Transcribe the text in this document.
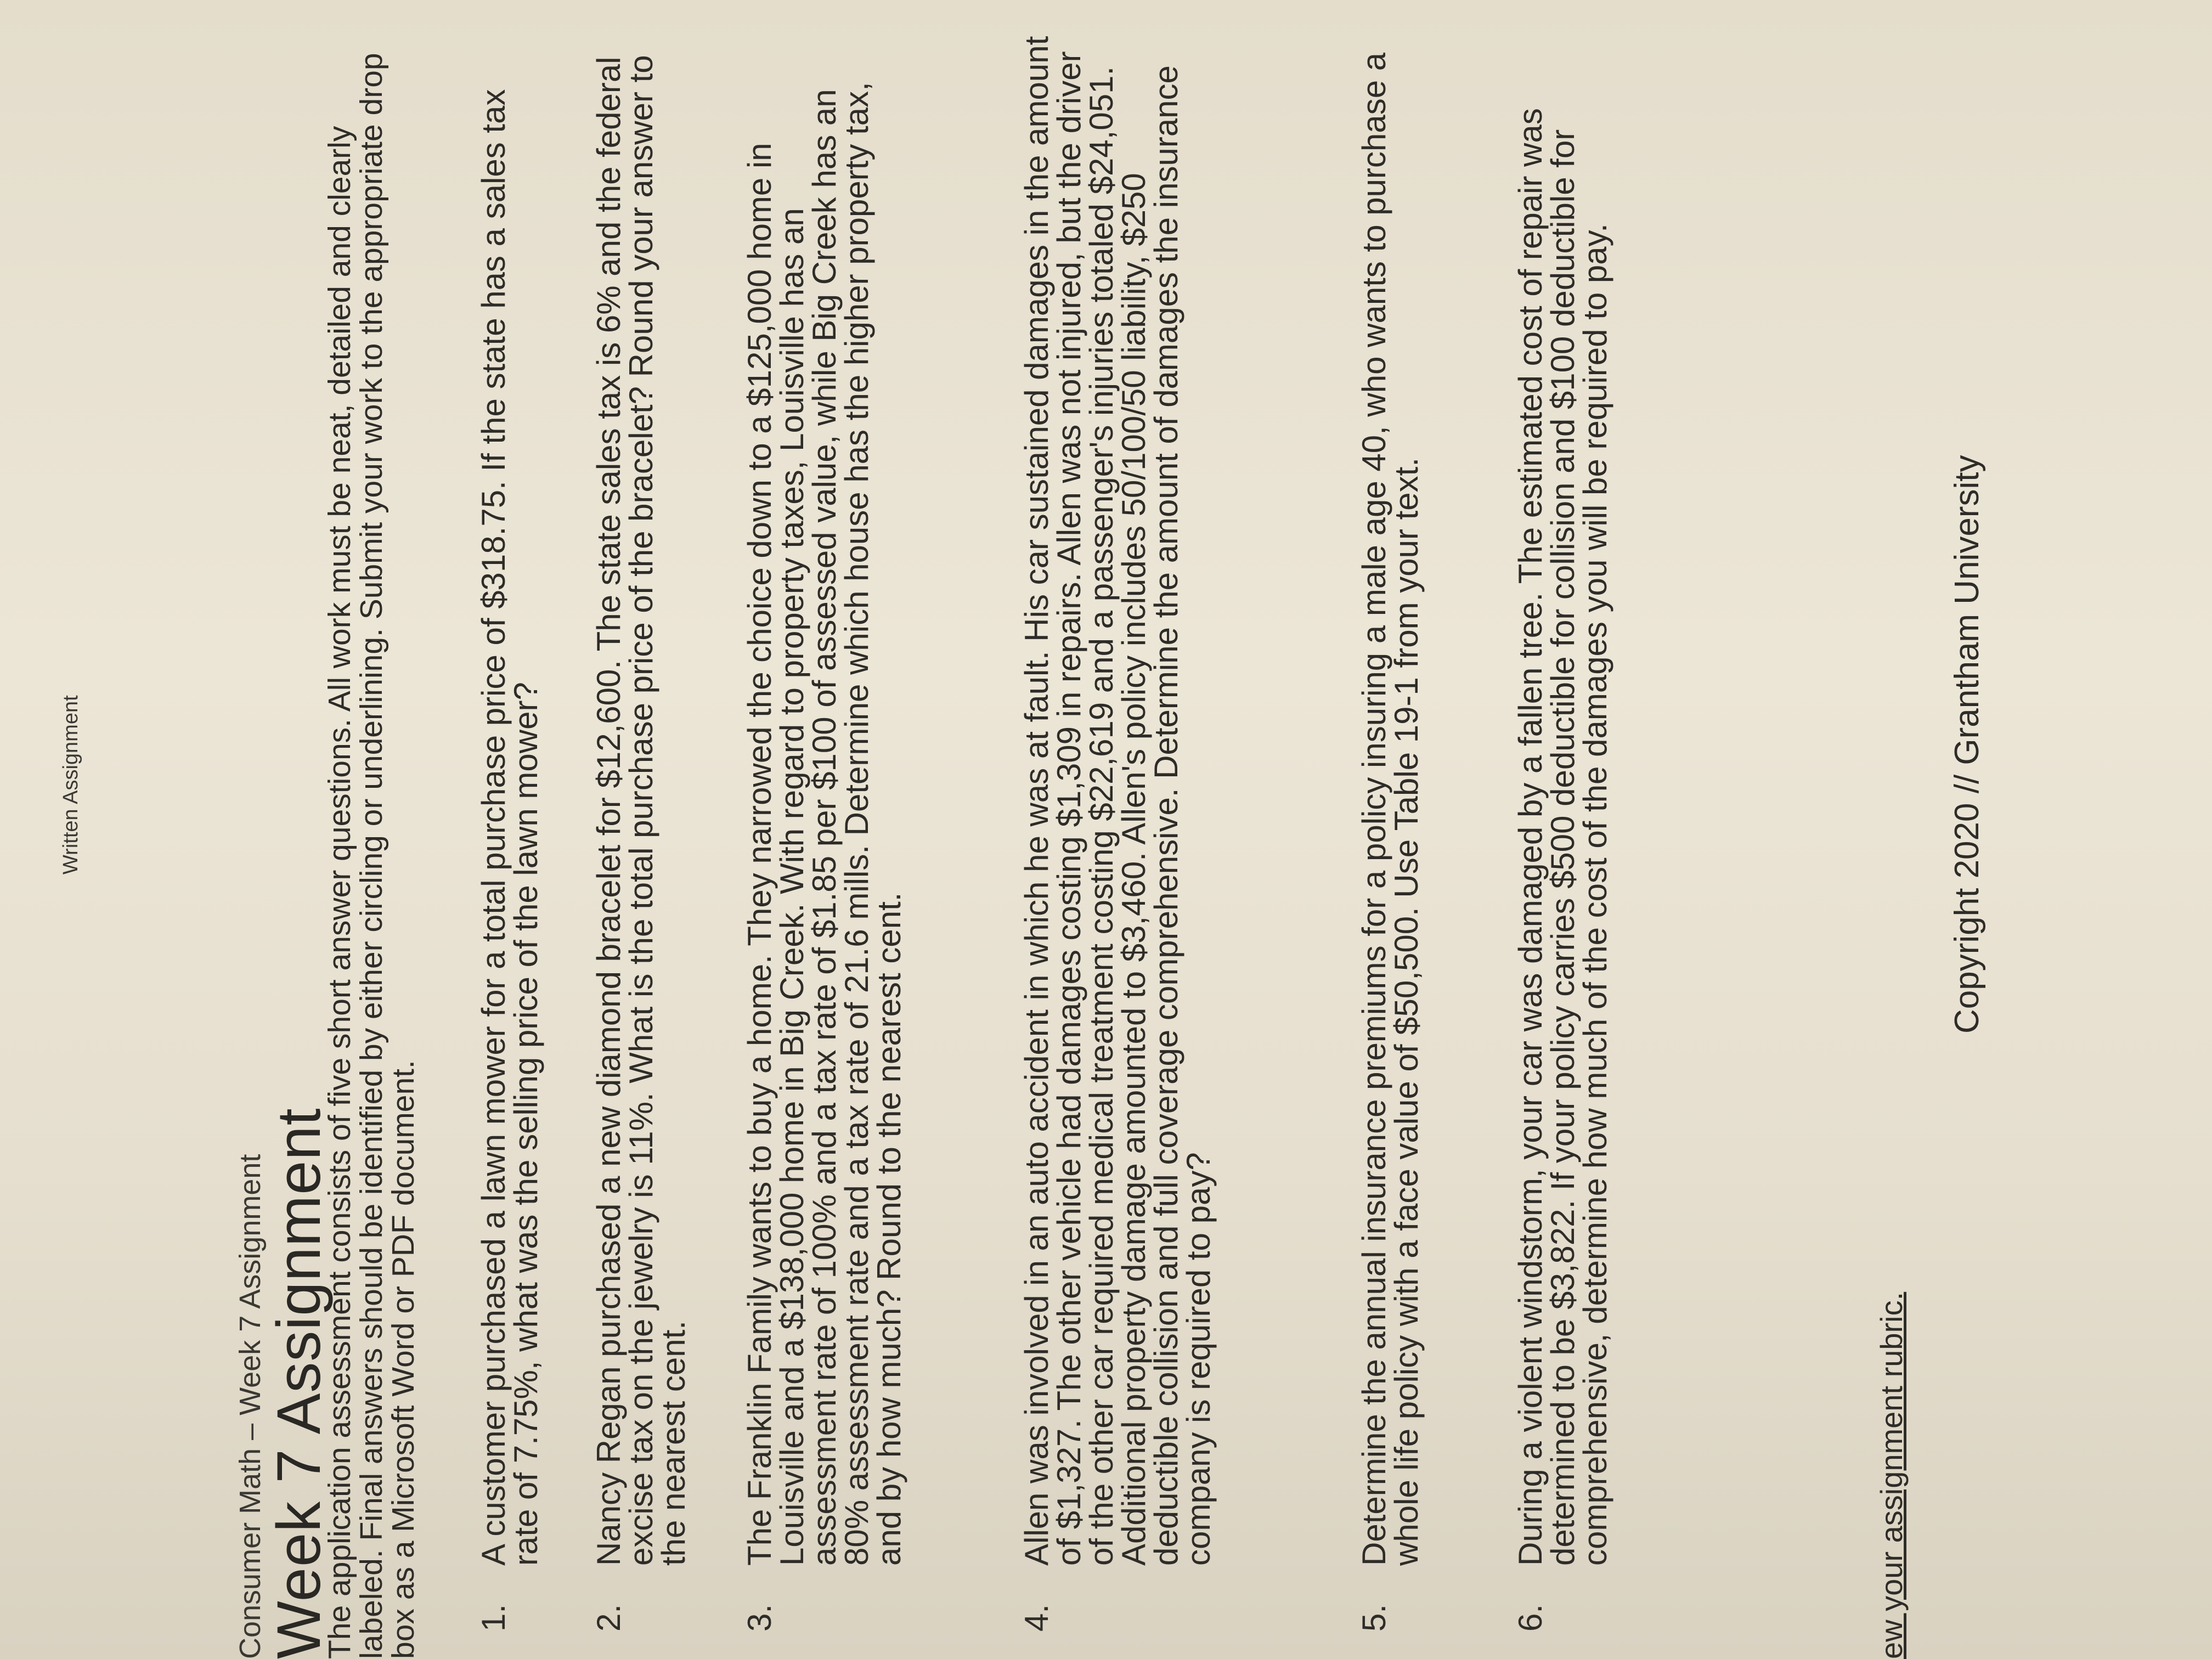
Written Assignment
Consumer Math – Week 7 Assignment
Week 7 Assignment
The application assessment consists of five short answer questions. All work must be neat, detailed and clearly labeled. Final answers should be identified by either circling or underlining. Submit your work to the appropriate drop box as a Microsoft Word or PDF document. 1.
A customer purchased a lawn mower for a total purchase price of $318.75. If the state has a sales tax rate of 7.75%, what was the selling price of the lawn mower?
2.
Nancy Regan purchased a new diamond bracelet for $12,600. The state sales tax is 6% and the federal excise tax on the jewelry is 11%. What is the total purchase price of the bracelet? Round your answer to the nearest cent.
3.
The Franklin Family wants to buy a home. They narrowed the choice down to a $125,000 home in Louisville and a $138,000 home in Big Creek. With regard to property taxes, Louisville has an assessment rate of 100% and a tax rate of $1.85 per $100 of assessed value, while Big Creek has an 80% assessment rate and a tax rate of 21.6 mills. Determine which house has the higher property tax, and by how much? Round to the nearest cent.
4.
Allen was involved in an auto accident in which he was at fault. His car sustained damages in the amount of $1,327. The other vehicle had damages costing $1,309 in repairs. Allen was not injured, but the driver of the other car required medical treatment costing $22,619 and a passenger's injuries totaled $24,051. Additional property damage amounted to $3,460. Allen's policy includes 50/100/50 liability, $250 deductible collision and full coverage comprehensive. Determine the amount of damages the insurance company is required to pay?
5.
Determine the annual insurance premiums for a policy insuring a male age 40, who wants to purchase a whole life policy with a face value of $50,500. Use Table 19-1 from your text.
6.
During a violent windstorm, your car was damaged by a fallen tree. The estimated cost of repair was determined to be $3,822. If your policy carries $500 deductible for collision and $100 deductible for comprehensive, determine how much of the cost of the damages you will be required to pay.	ew your assignment rubric.
Copyright 2020 // Grantham University
